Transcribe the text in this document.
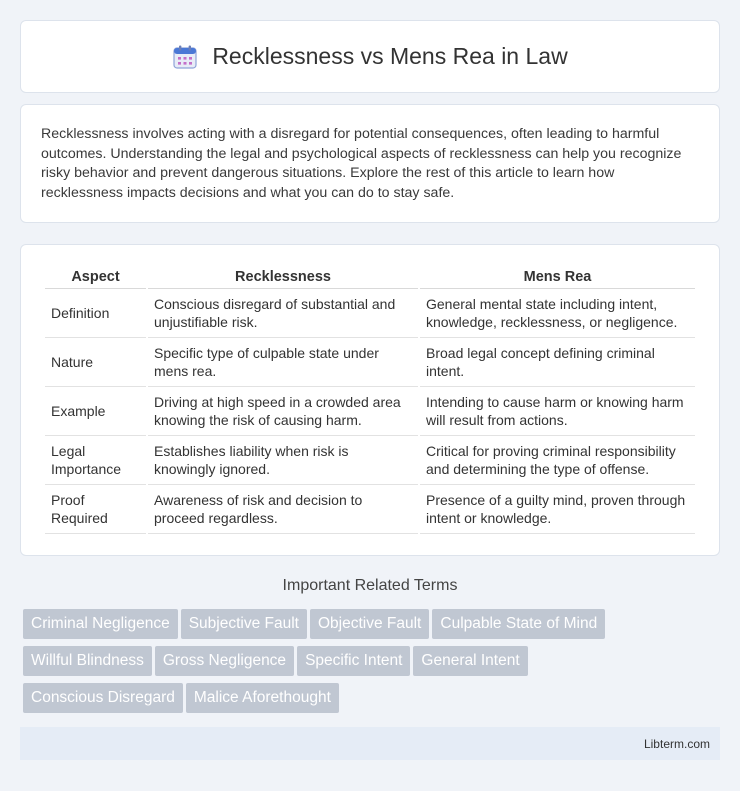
Recklessness vs Mens Rea in Law

Recklessness involves acting with a disregard for potential consequences, often leading to harmful outcomes. Understanding the legal and psychological aspects of recklessness can help you recognize risky behavior and prevent dangerous situations. Explore the rest of this article to learn how recklessness impacts decisions and what you can do to stay safe.

Aspect	Recklessness	Mens Rea
Definition	Conscious disregard of substantial and unjustifiable risk.	General mental state including intent, knowledge, recklessness, or negligence.
Nature	Specific type of culpable state under mens rea.	Broad legal concept defining criminal intent.
Example	Driving at high speed in a crowded area knowing the risk of causing harm.	Intending to cause harm or knowing harm will result from actions.
Legal Importance	Establishes liability when risk is knowingly ignored.	Critical for proving criminal responsibility and determining the type of offense.
Proof Required	Awareness of risk and decision to proceed regardless.	Presence of a guilty mind, proven through intent or knowledge.
Important Related Terms
Criminal Negligence Subjective Fault Objective Fault Culpable State of Mind
Willful Blindness Gross Negligence Specific Intent General Intent
Conscious Disregard Malice Aforethought
Libterm.com
